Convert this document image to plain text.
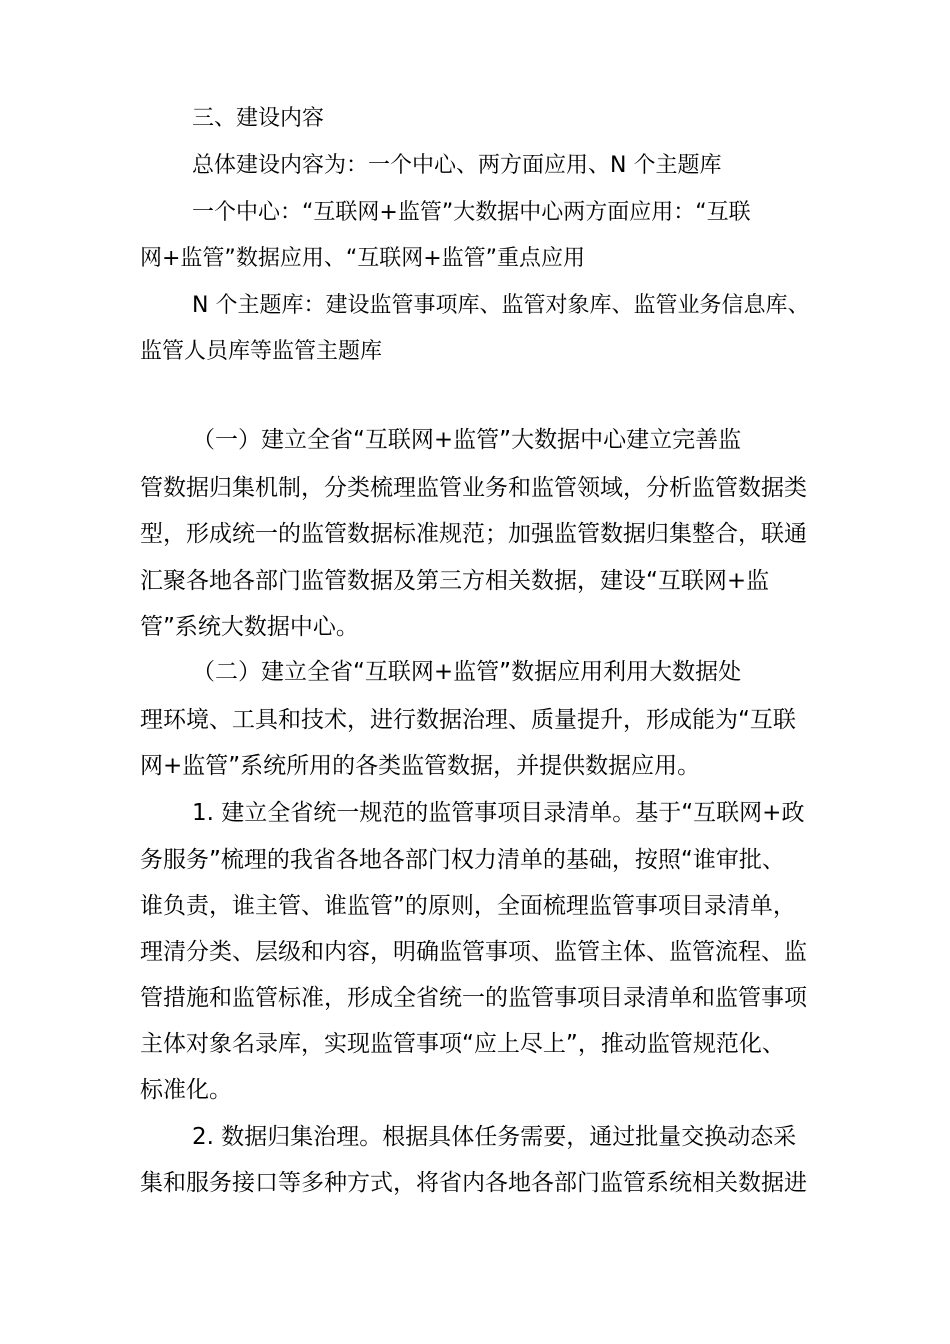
三、建设内容

总体建设内容为：一个中心、两方面应用、N 个主题库

一个中心：“互联网+监管”大数据中心两方面应用：“互联

网+监管”数据应用、“互联网+监管”重点应用

N 个主题库：建设监管事项库、监管对象库、监管业务信息库、

监管人员库等监管主题库

（一）建立全省“互联网+监管”大数据中心建立完善监

管数据归集机制，分类梳理监管业务和监管领域，分析监管数据类

型，形成统一的监管数据标准规范；加强监管数据归集整合，联通

汇聚各地各部门监管数据及第三方相关数据，建设“互联网+监

管”系统大数据中心。

（二）建立全省“互联网+监管”数据应用利用大数据处

理环境、工具和技术，进行数据治理、质量提升，形成能为“互联

网+监管”系统所用的各类监管数据，并提供数据应用。

1. 建立全省统一规范的监管事项目录清单。基于“互联网+政

务服务”梳理的我省各地各部门权力清单的基础，按照“谁审批、

谁负责，谁主管、谁监管”的原则，全面梳理监管事项目录清单，

理清分类、层级和内容，明确监管事项、监管主体、监管流程、监

管措施和监管标准，形成全省统一的监管事项目录清单和监管事项

主体对象名录库，实现监管事项“应上尽上”，推动监管规范化、

标准化。

2. 数据归集治理。根据具体任务需要，通过批量交换动态采

集和服务接口等多种方式，将省内各地各部门监管系统相关数据进
